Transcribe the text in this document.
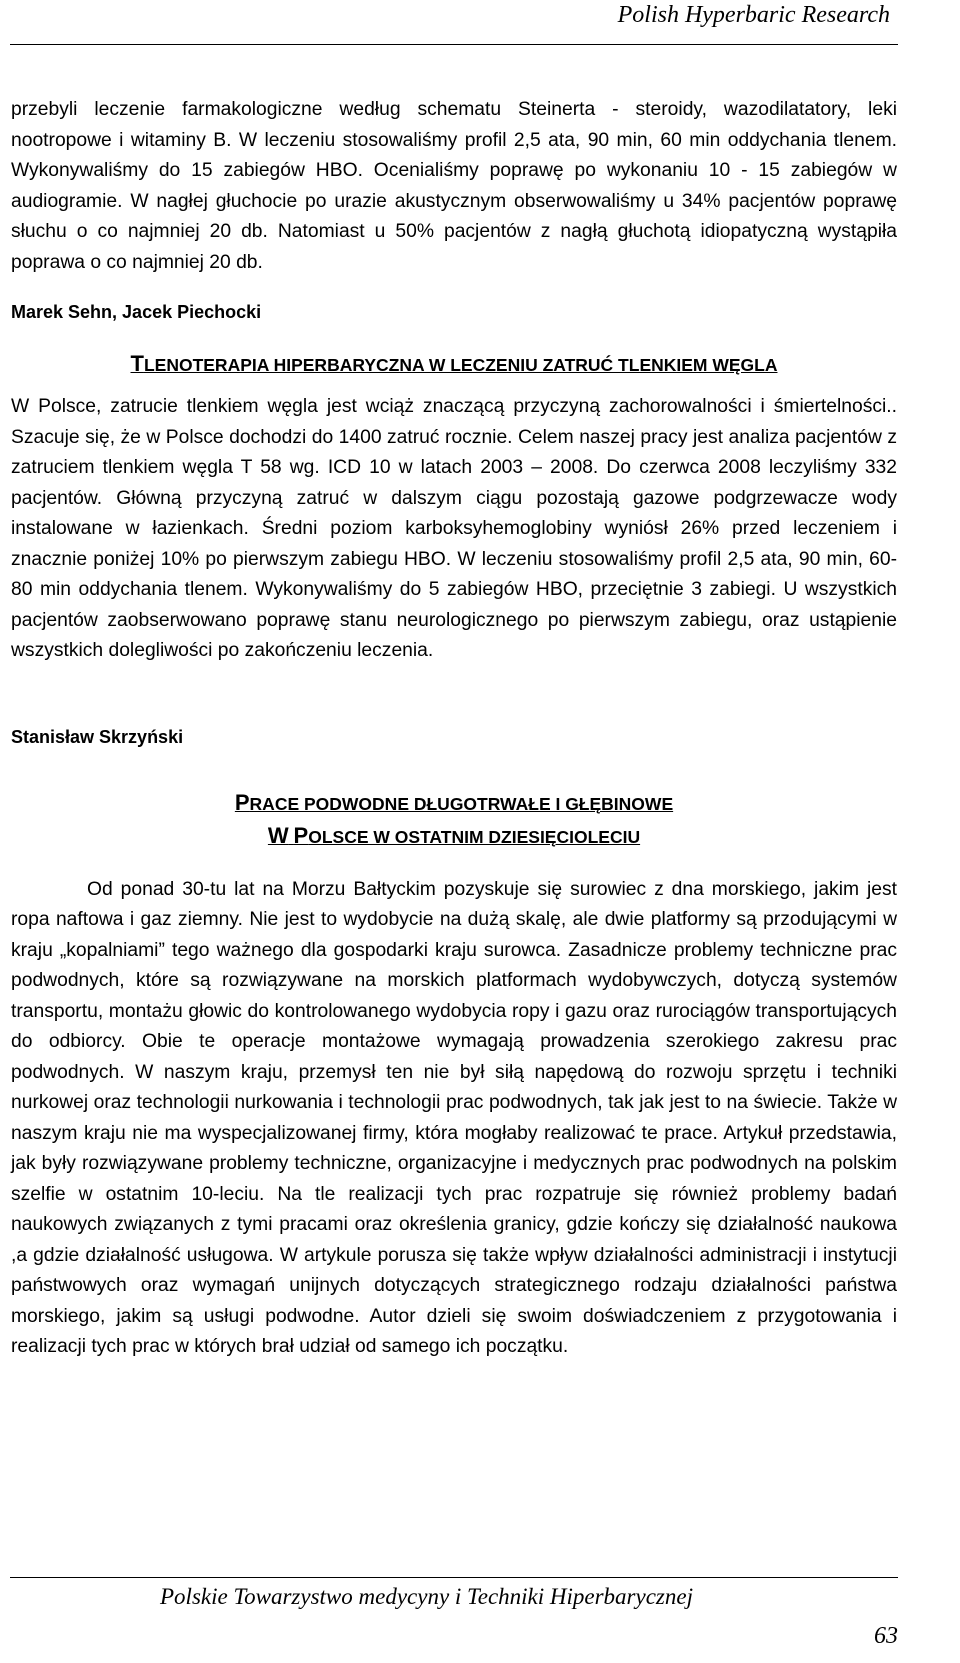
Polish Hyperbaric Research

przebyli leczenie farmakologiczne według schematu Steinerta - steroidy, wazodilatatory, leki nootropowe i witaminy B. W leczeniu stosowaliśmy profil 2,5 ata, 90 min, 60 min oddychania tlenem. Wykonywaliśmy do 15 zabiegów HBO. Ocenialiśmy poprawę po wykonaniu 10 - 15 zabiegów w audiogramie. W nagłej głuchocie po urazie akustycznym obserwowaliśmy u 34% pacjentów poprawę słuchu o co najmniej 20 db. Natomiast u 50% pacjentów z nagłą głuchotą idiopatyczną wystąpiła poprawa o co najmniej 20 db.

Marek Sehn, Jacek Piechocki

TLENOTERAPIA HIPERBARYCZNA W LECZENIU ZATRUĆ TLENKIEM WĘGLA

W Polsce, zatrucie tlenkiem węgla jest wciąż znaczącą przyczyną zachorowalności i śmiertelności.. Szacuje się, że w Polsce dochodzi do 1400 zatruć rocznie. Celem naszej pracy jest analiza pacjentów z zatruciem tlenkiem węgla T 58 wg. ICD 10 w latach 2003 – 2008. Do czerwca 2008 leczyliśmy 332 pacjentów. Główną przyczyną zatruć w dalszym ciągu pozostają gazowe podgrzewacze wody instalowane w łazienkach. Średni poziom karboksyhemoglobiny wyniósł 26% przed leczeniem i znacznie poniżej 10% po pierwszym zabiegu HBO. W leczeniu stosowaliśmy profil 2,5 ata, 90 min, 60-80 min oddychania tlenem. Wykonywaliśmy do 5 zabiegów HBO, przeciętnie 3 zabiegi. U wszystkich pacjentów zaobserwowano poprawę stanu neurologicznego po pierwszym zabiegu, oraz ustąpienie wszystkich dolegliwości po zakończeniu leczenia.

Stanisław Skrzyński

PRACE PODWODNE DŁUGOTRWAŁE I GŁĘBINOWE

W POLSCE W OSTATNIM DZIESIĘCIOLECIU

Od ponad 30-tu lat na Morzu Bałtyckim pozyskuje się surowiec z dna morskiego, jakim jest ropa naftowa i gaz ziemny. Nie jest to wydobycie na dużą skalę, ale dwie platformy są przodującymi w kraju „kopalniami” tego ważnego dla gospodarki kraju surowca. Zasadnicze problemy techniczne prac podwodnych, które są rozwiązywane na morskich platformach wydobywczych, dotyczą systemów transportu, montażu głowic do kontrolowanego wydobycia ropy i gazu oraz rurociągów transportujących do odbiorcy. Obie te operacje montażowe wymagają prowadzenia szerokiego zakresu prac podwodnych. W naszym kraju, przemysł ten nie był siłą napędową do rozwoju sprzętu i techniki nurkowej oraz technologii nurkowania i technologii prac podwodnych, tak jak jest to na świecie. Także w naszym kraju nie ma wyspecjalizowanej firmy, która mogłaby realizować te prace. Artykuł przedstawia, jak były rozwiązywane problemy techniczne, organizacyjne i medycznych prac podwodnych na polskim szelfie w ostatnim 10-leciu. Na tle realizacji tych prac rozpatruje się również problemy badań naukowych związanych z tymi pracami oraz określenia granicy, gdzie kończy się działalność naukowa ,a gdzie działalność usługowa. W artykule porusza się także wpływ działalności administracji i instytucji państwowych oraz wymagań unijnych dotyczących strategicznego rodzaju działalności państwa morskiego, jakim są usługi podwodne. Autor dzieli się swoim doświadczeniem z przygotowania i realizacji tych prac w których brał udział od samego ich początku.

Polskie Towarzystwo medycyny i Techniki Hiperbarycznej
63
